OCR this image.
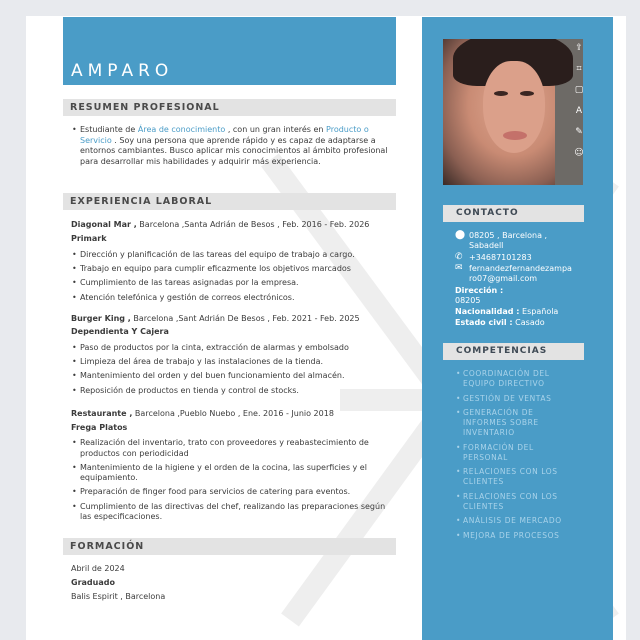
AMPARO
RESUMEN PROFESIONAL
• Estudiante de Área de conocimiento , con un gran interés en Producto o Servicio . Soy una persona que aprende rápido y es capaz de adaptarse a entornos cambiantes. Busco aplicar mis conocimientos al ámbito profesional para desarrollar mis habilidades y adquirir más experiencia.
EXPERIENCIA LABORAL
Diagonal Mar , Barcelona ,Santa Adrián de Besos , Feb. 2016 - Feb. 2026
Primark
• Dirección y planificación de las tareas del equipo de trabajo a cargo.
• Trabajo en equipo para cumplir eficazmente los objetivos marcados
• Cumplimiento de las tareas asignadas por la empresa.
• Atención telefónica y gestión de correos electrónicos.
Burger King , Barcelona ,Sant Adrián De Besos , Feb. 2021 - Feb. 2025
Dependienta Y Cajera
• Paso de productos por la cinta, extracción de alarmas y embolsado
• Limpieza del área de trabajo y las instalaciones de la tienda.
• Mantenimiento del orden y del buen funcionamiento del almacén.
• Reposición de productos en tienda y control de stocks.
Restaurante , Barcelona ,Pueblo Nuebo , Ene. 2016 - Junio 2018
Frega Platos
• Realización del inventario, trato con proveedores y reabastecimiento de productos con periodicidad
• Mantenimiento de la higiene y el orden de la cocina, las superficies y el equipamiento.
• Preparación de finger food para servicios de catering para eventos.
• Cumplimiento de las directivas del chef, realizando las preparaciones según las especificaciones.
FORMACIÓN
Abril de 2024
Graduado
Balis Espirit , Barcelona
⇪
⌗
▢
A
✎
☺
CONTACTO
⬤ 08205 , Barcelona ,
Sabadell
✆ +34687101283
✉ fernandezfernandezampa
ro07@gmail.com
Dirección :
08205
Nacionalidad : Española
Estado civil : Casado
COMPETENCIAS
• COORDINACIÓN DEL EQUIPO DIRECTIVO
• GESTIÓN DE VENTAS
• GENERACIÓN DE INFORMES SOBRE INVENTARIO
• FORMACIÓN DEL PERSONAL
• RELACIONES CON LOS CLIENTES
• RELACIONES CON LOS CLIENTES
• ANÁLISIS DE MERCADO
• MEJORA DE PROCESOS
